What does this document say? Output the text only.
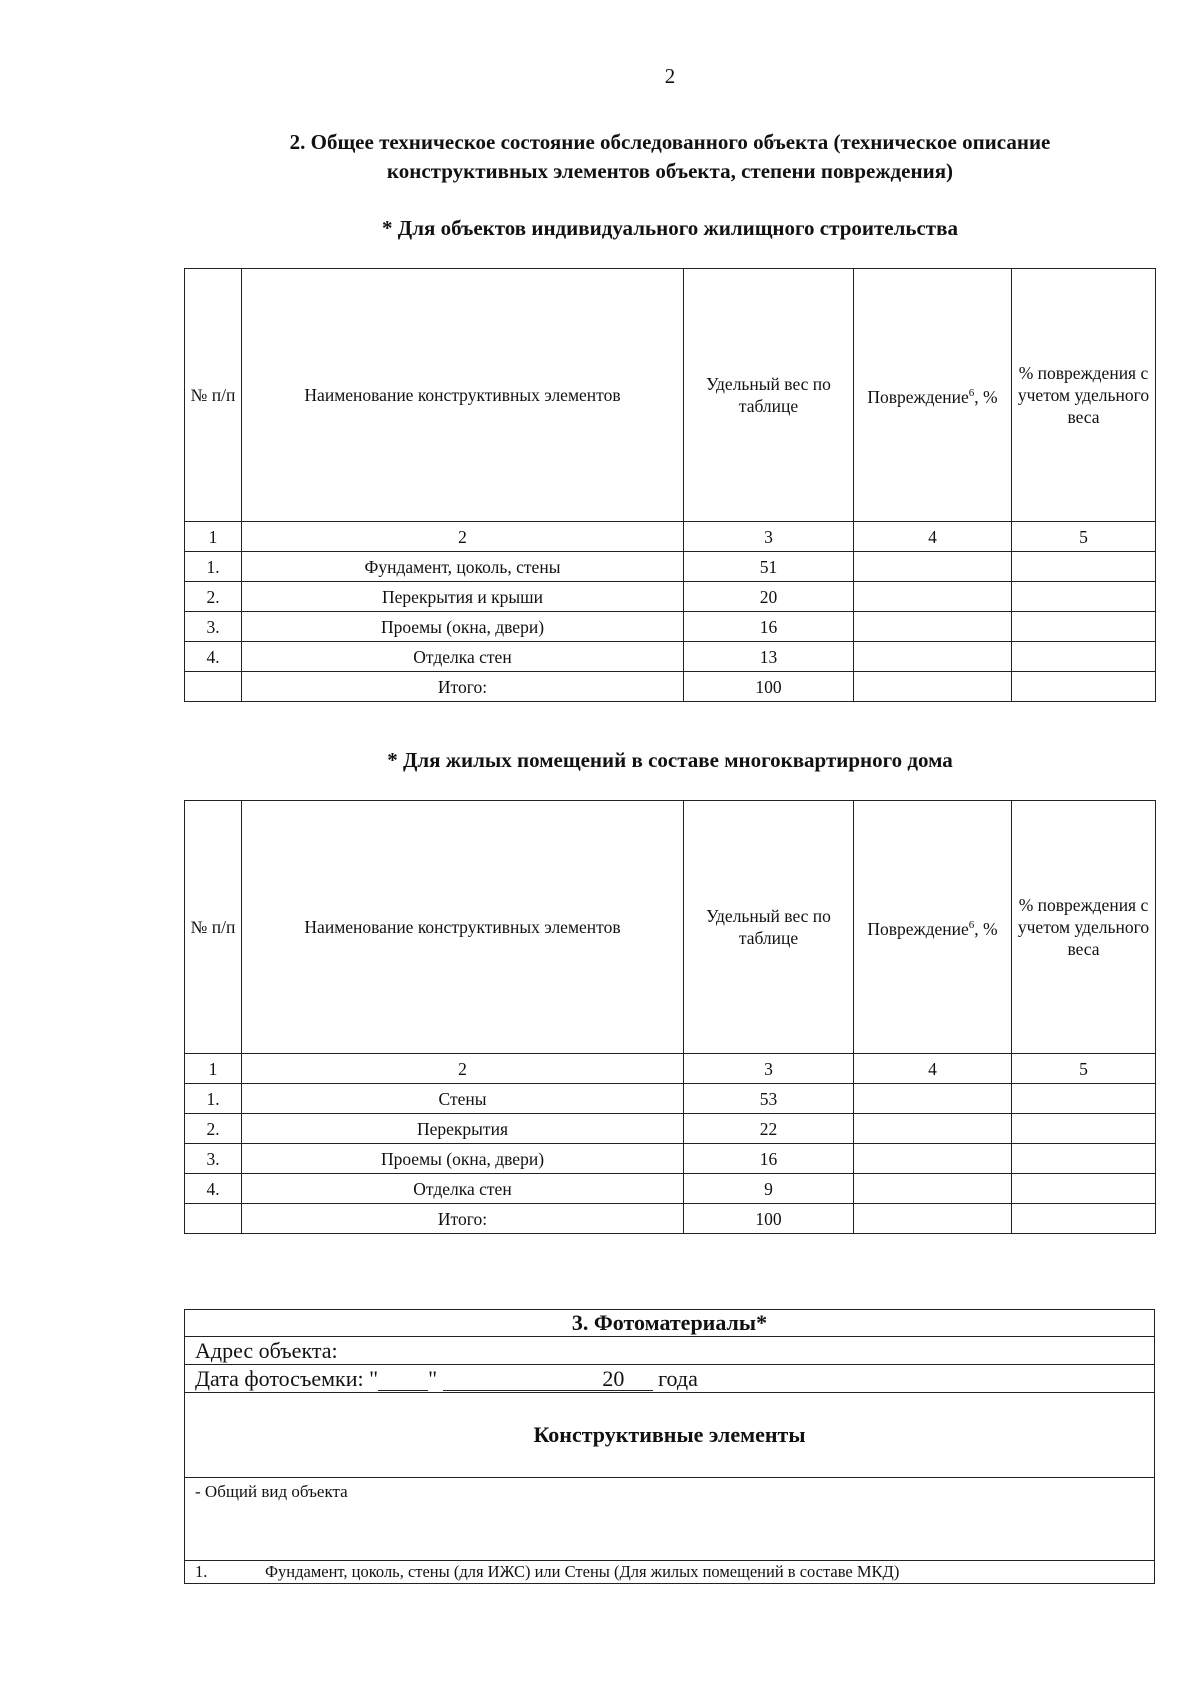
2
2. Общее техническое состояние обследованного объекта (техническое описание
конструктивных элементов объекта, степени повреждения)
* Для объектов индивидуального жилищного строительства
№ п/п	Наименование конструктивных элементов	Удельный вес по таблице	Повреждение$^6$, %	% повреждения с учетом удельного веса
1	2	3	4	5
1.	Фундамент, цоколь, стены	51		
2.	Перекрытия и крыши	20		
3.	Проемы (окна, двери)	16		
4.	Отделка стен	13		
	Итого:	100		
* Для жилых помещений в составе многоквартирного дома
№ п/п	Наименование конструктивных элементов	Удельный вес по таблице	Повреждение$^6$, %	% повреждения с учетом удельного веса
1	2	3	4	5
1.	Стены	53		
2.	Перекрытия	22		
3.	Проемы (окна, двери)	16		
4.	Отделка стен	9		
	Итого:	100		
3. Фотоматериалы*
Адрес объекта:
Дата фотосъемки: " "	20 года
Конструктивные элементы
- Общий вид объекта
1.	Фундамент, цоколь, стены (для ИЖС) или Стены (Для жилых помещений в составе МКД)
